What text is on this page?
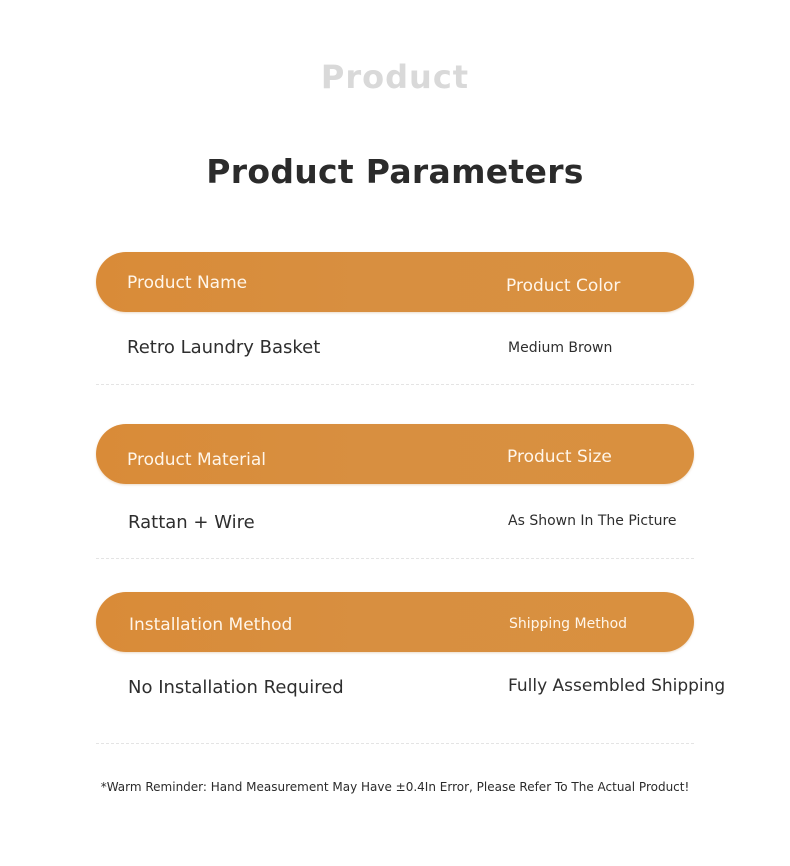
Product
Product Parameters
Product Name	Product Color
Retro Laundry Basket	Medium Brown
Product Material	Product Size
Rattan + Wire	As Shown In The Picture
Installation Method	Shipping Method
No Installation Required	Fully Assembled Shipping
*Warm Reminder: Hand Measurement May Have ±0.4In Error, Please Refer To The Actual Product!
